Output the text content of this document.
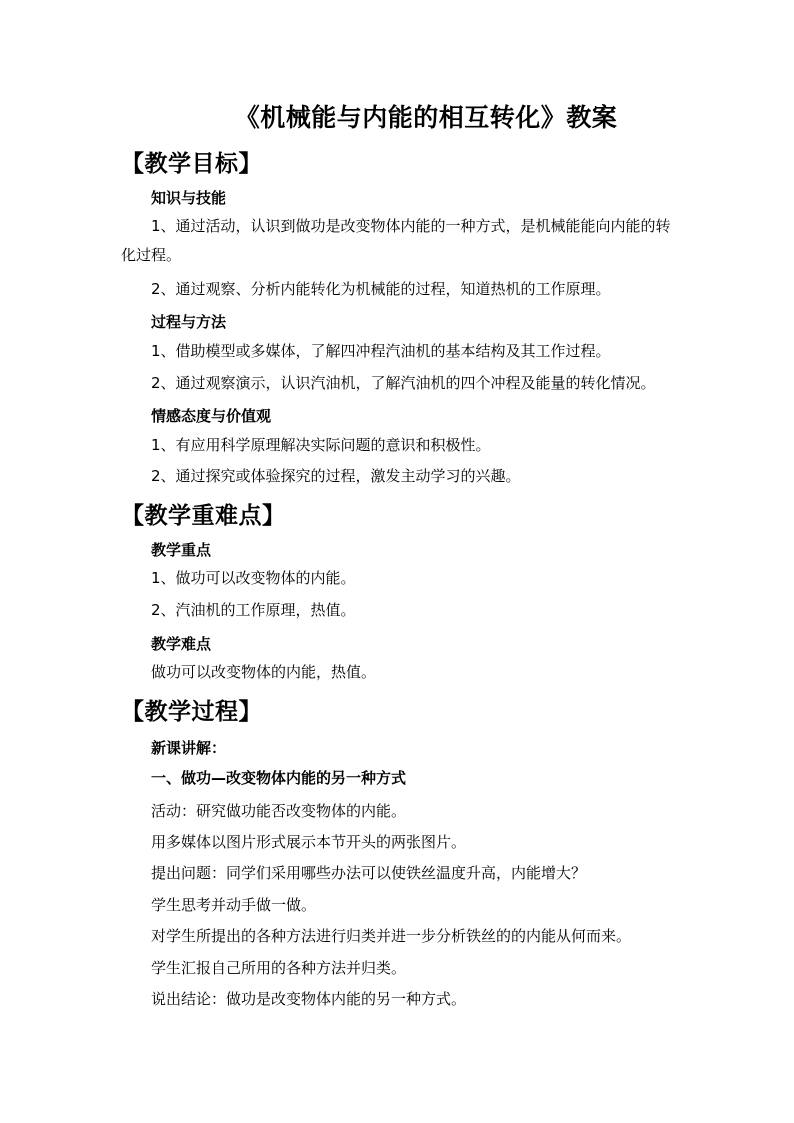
《机械能与内能的相互转化》教案
【教学目标】
知识与技能
1、通过活动，认识到做功是改变物体内能的一种方式，是机械能能向内能的转化过程。
2、通过观察、分析内能转化为机械能的过程，知道热机的工作原理。
过程与方法
1、借助模型或多媒体，了解四冲程汽油机的基本结构及其工作过程。
2、通过观察演示，认识汽油机，了解汽油机的四个冲程及能量的转化情况。
情感态度与价值观
1、有应用科学原理解决实际问题的意识和积极性。
2、通过探究或体验探究的过程，激发主动学习的兴趣。
【教学重难点】
教学重点
1、做功可以改变物体的内能。
2、汽油机的工作原理，热值。
教学难点
做功可以改变物体的内能，热值。
【教学过程】
新课讲解：
一、做功—改变物体内能的另一种方式
活动：研究做功能否改变物体的内能。
用多媒体以图片形式展示本节开头的两张图片。
提出问题：同学们采用哪些办法可以使铁丝温度升高，内能增大？
学生思考并动手做一做。
对学生所提出的各种方法进行归类并进一步分析铁丝的的内能从何而来。
学生汇报自己所用的各种方法并归类。
说出结论：做功是改变物体内能的另一种方式。
